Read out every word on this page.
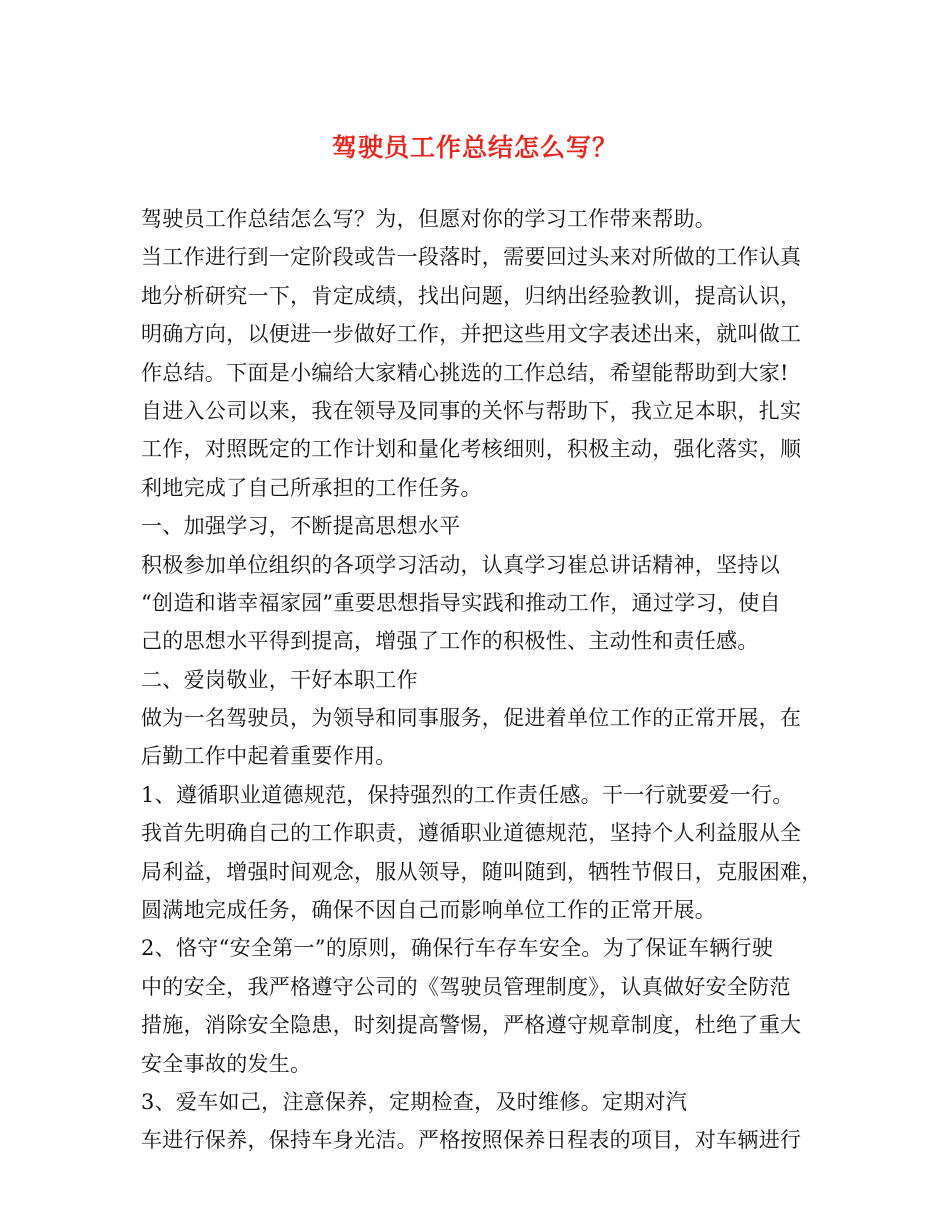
驾驶员工作总结怎么写？
驾驶员工作总结怎么写？为，但愿对你的学习工作带来帮助。
当工作进行到一定阶段或告一段落时，需要回过头来对所做的工作认真
地分析研究一下，肯定成绩，找出问题，归纳出经验教训，提高认识，
明确方向，以便进一步做好工作，并把这些用文字表述出来，就叫做工
作总结。下面是小编给大家精心挑选的工作总结，希望能帮助到大家!
自进入公司以来，我在领导及同事的关怀与帮助下，我立足本职，扎实
工作，对照既定的工作计划和量化考核细则，积极主动，强化落实，顺
利地完成了自己所承担的工作任务。
一、加强学习，不断提高思想水平
积极参加单位组织的各项学习活动，认真学习崔总讲话精神，坚持以
“创造和谐幸福家园”重要思想指导实践和推动工作，通过学习，使自
己的思想水平得到提高，增强了工作的积极性、主动性和责任感。
二、爱岗敬业，干好本职工作
做为一名驾驶员，为领导和同事服务，促进着单位工作的正常开展，在
后勤工作中起着重要作用。
1、遵循职业道德规范，保持强烈的工作责任感。干一行就要爱一行。
我首先明确自己的工作职责，遵循职业道德规范，坚持个人利益服从全
局利益，增强时间观念，服从领导，随叫随到，牺牲节假日，克服困难，
圆满地完成任务，确保不因自己而影响单位工作的正常开展。
2、恪守“安全第一”的原则，确保行车存车安全。为了保证车辆行驶
中的安全，我严格遵守公司的《驾驶员管理制度》，认真做好安全防范
措施，消除安全隐患，时刻提高警惕，严格遵守规章制度，杜绝了重大
安全事故的发生。
3、爱车如己，注意保养，定期检查，及时维修。定期对汽
车进行保养，保持车身光洁。严格按照保养日程表的项目，对车辆进行
